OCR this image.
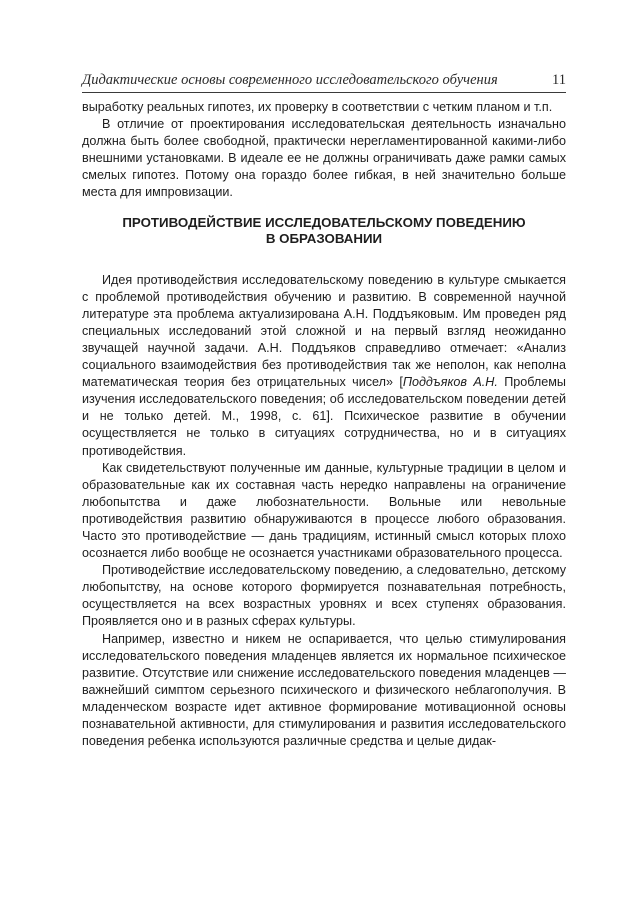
Дидактические основы современного исследовательского обучения	11

выработку реальных гипотез, их проверку в соответствии с четким планом и т.п.

В отличие от проектирования исследовательская деятельность изначально должна быть более свободной, практически нерегламентированной какими-либо внешними установками. В идеале ее не должны ограничивать даже рамки самых смелых гипотез. Потому она гораздо более гибкая, в ней значительно больше места для импровизации.

ПРОТИВОДЕЙСТВИЕ ИССЛЕДОВАТЕЛЬСКОМУ ПОВЕДЕНИЮ
В ОБРАЗОВАНИИ

Идея противодействия исследовательскому поведению в культуре смыкается с проблемой противодействия обучению и развитию. В современной научной литературе эта проблема актуализирована А.Н. Поддъяковым. Им проведен ряд специальных исследований этой сложной и на первый взгляд неожиданно звучащей научной задачи. А.Н. Поддъяков справедливо отмечает: «Анализ социального взаимодействия без противодействия так же неполон, как неполна математическая теория без отрицательных чисел» [Поддъяков А.Н. Проблемы изучения исследовательского поведения; об исследовательском поведении детей и не только детей. М., 1998, с. 61]. Психическое развитие в обучении осуществляется не только в ситуациях сотрудничества, но и в ситуациях противодействия.

Как свидетельствуют полученные им данные, культурные традиции в целом и образовательные как их составная часть нередко направлены на ограничение любопытства и даже любознательности. Вольные или невольные противодействия развитию обнаруживаются в процессе любого образования. Часто это противодействие — дань традициям, истинный смысл которых плохо осознается либо вообще не осознается участниками образовательного процесса.

Противодействие исследовательскому поведению, а следовательно, детскому любопытству, на основе которого формируется познавательная потребность, осуществляется на всех возрастных уровнях и всех ступенях образования. Проявляется оно и в разных сферах культуры.

Например, известно и никем не оспаривается, что целью стимулирования исследовательского поведения младенцев является их нормальное психическое развитие. Отсутствие или снижение исследовательского поведения младенцев — важнейший симптом серьезного психического и физического неблагополучия. В младенческом возрасте идет активное формирование мотивационной основы познавательной активности, для стимулирования и развития исследовательского поведения ребенка используются различные средства и целые дидак-
